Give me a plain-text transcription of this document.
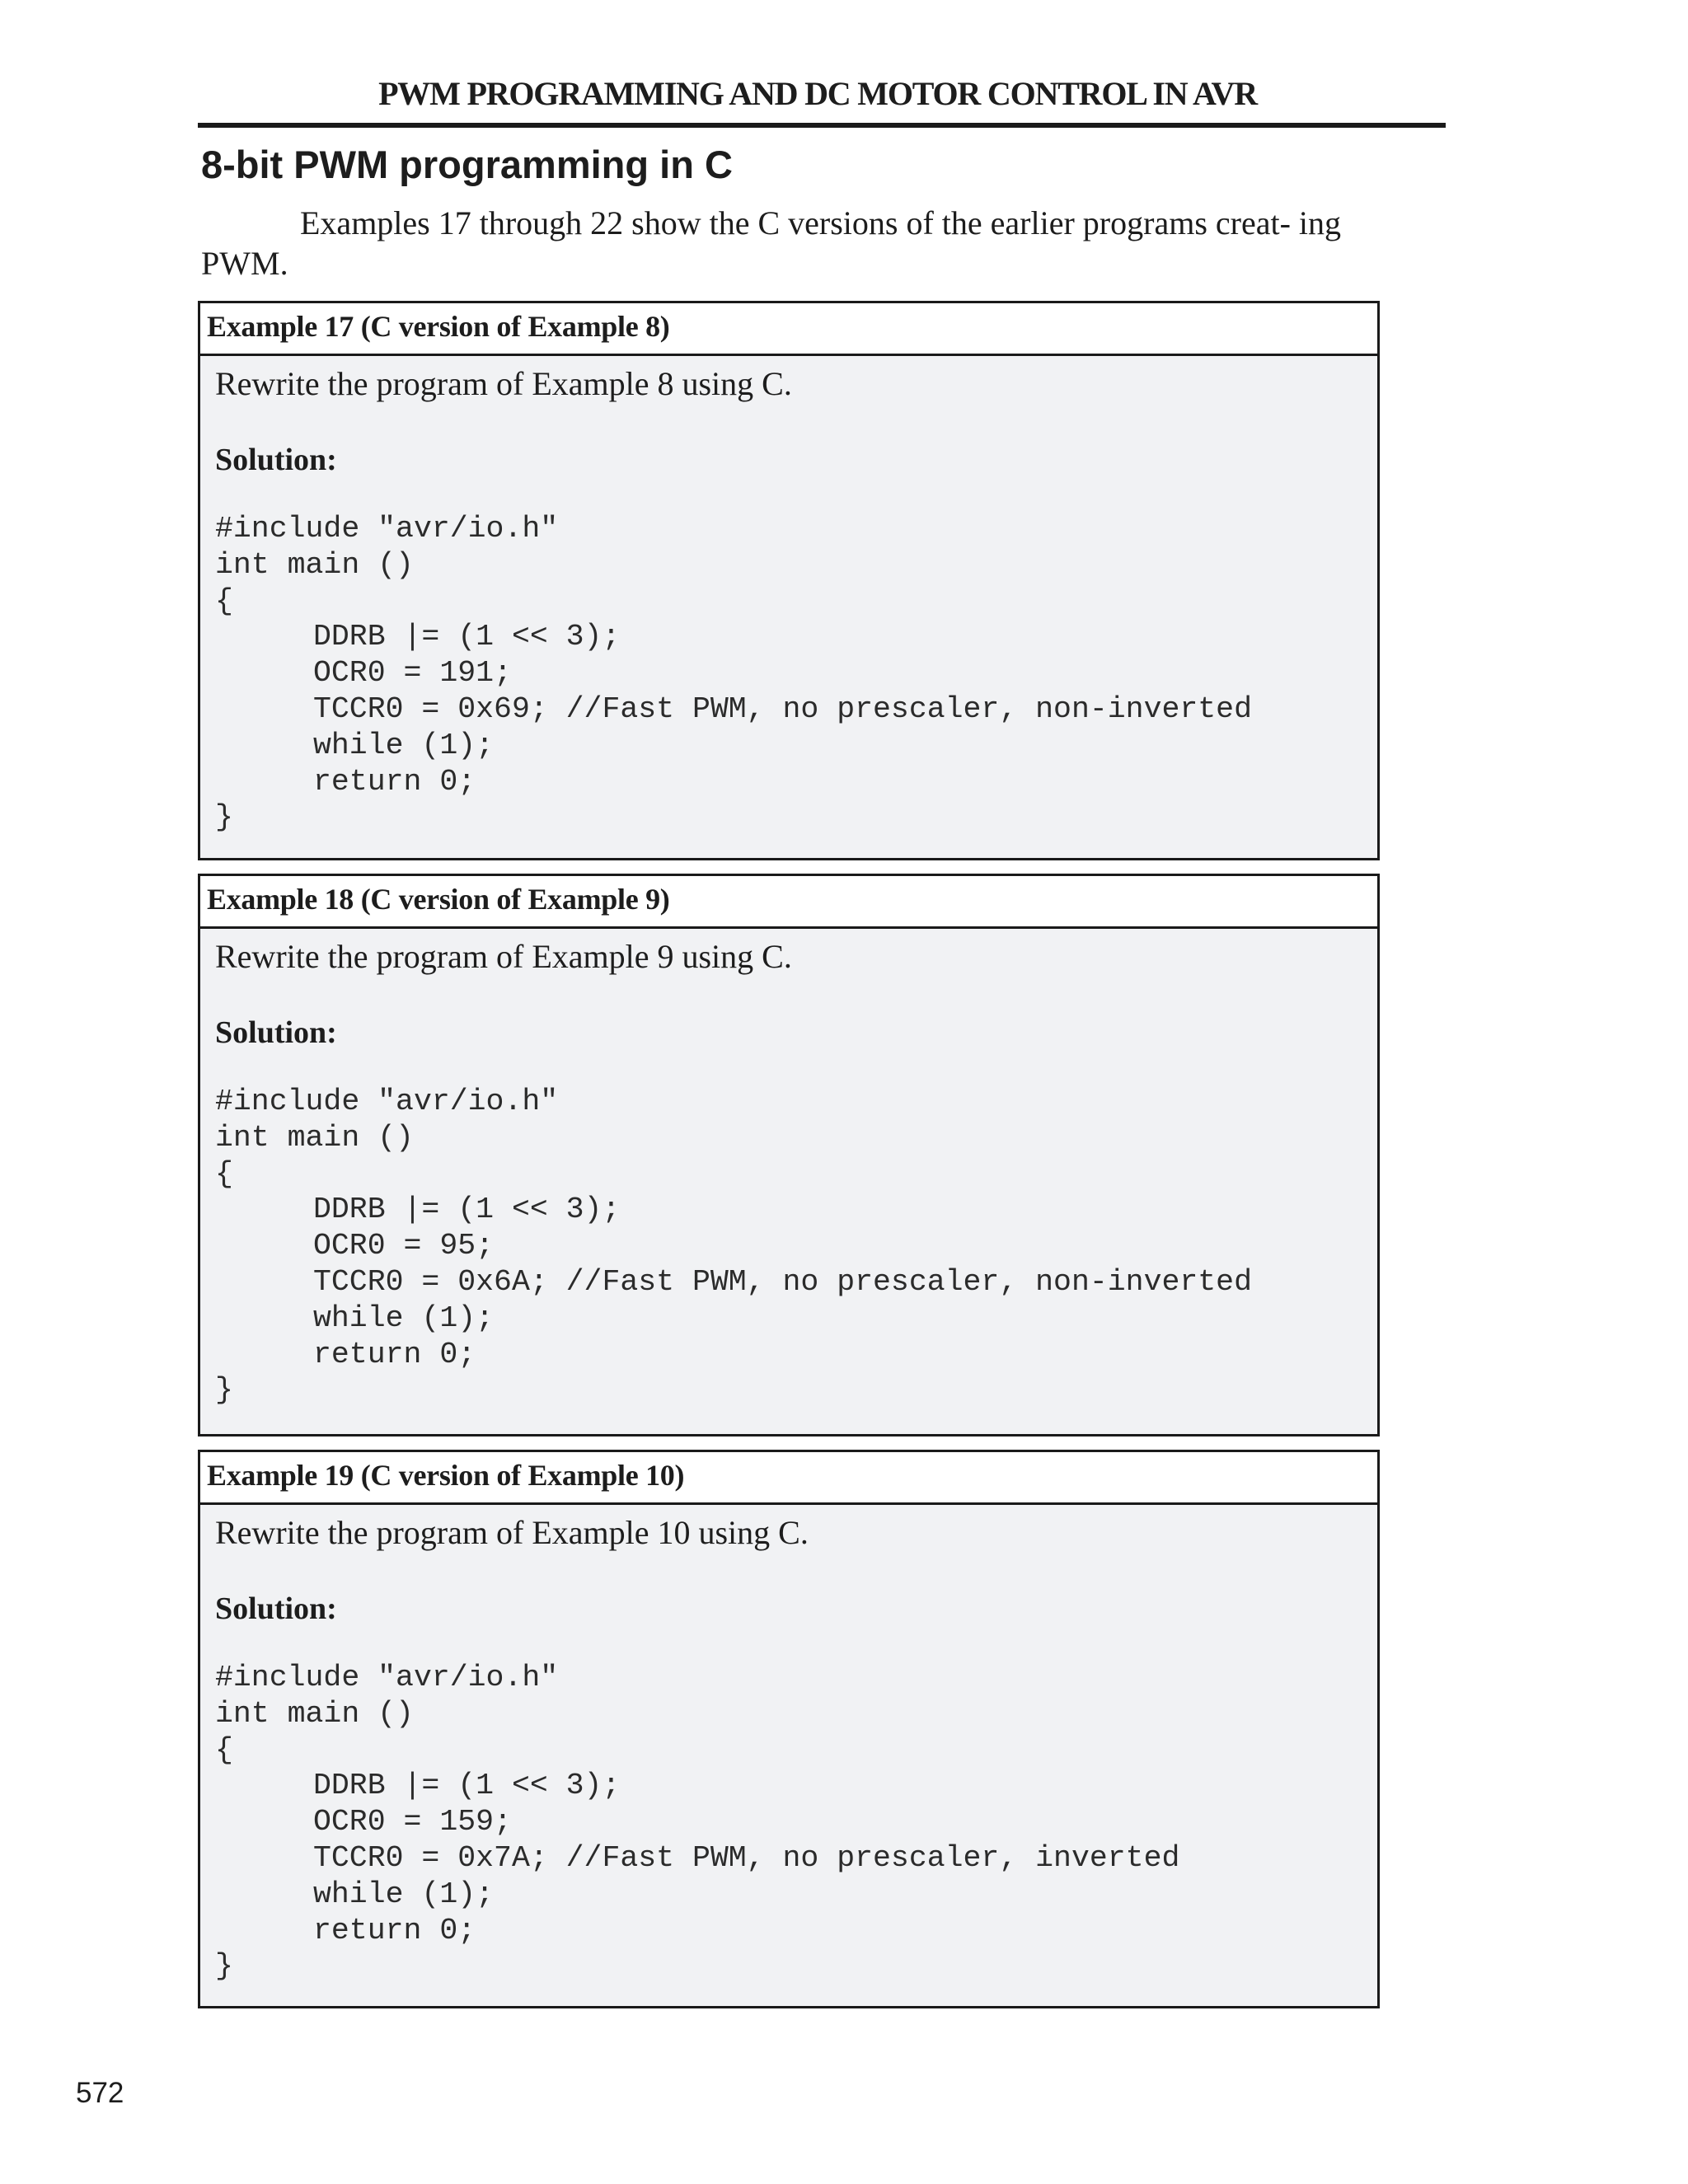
PWM PROGRAMMING AND DC MOTOR CONTROL IN AVR
8-bit PWM programming in C

Examples 17 through 22 show the C versions of the earlier programs creat- ing PWM.

Example 17 (C version of Example 8)

Rewrite the program of Example 8 using C.

Solution:

#include "avr/io.h"
int main ()
{
DDRB |= (1 << 3);
OCR0 = 191;
TCCR0 = 0x69; //Fast PWM, no prescaler, non-inverted
while (1);
return 0;
}
Example 18 (C version of Example 9)

Rewrite the program of Example 9 using C.

Solution:

#include "avr/io.h"
int main ()
{
DDRB |= (1 << 3);
OCR0 = 95;
TCCR0 = 0x6A; //Fast PWM, no prescaler, non-inverted
while (1);
return 0;
}
Example 19 (C version of Example 10)

Rewrite the program of Example 10 using C.

Solution:

#include "avr/io.h"
int main ()
{
DDRB |= (1 << 3);
OCR0 = 159;
TCCR0 = 0x7A; //Fast PWM, no prescaler, inverted
while (1);
return 0;
}
572
